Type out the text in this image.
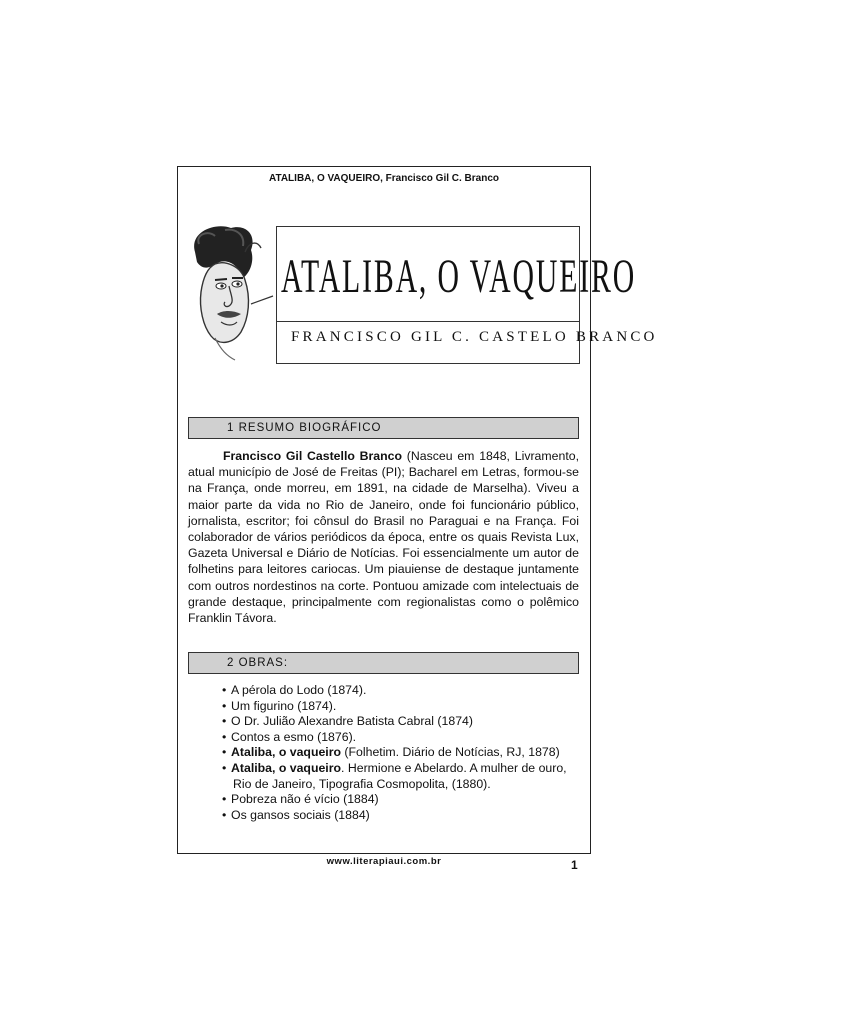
ATALIBA, O VAQUEIRO, Francisco Gil C. Branco
ATALIBA, O VAQUEIRO
FRANCISCO GIL C. CASTELO BRANCO
1 RESUMO BIOGRÁFICO
Francisco Gil Castello Branco (Nasceu em 1848, Livramento, atual município de José de Freitas (PI); Bacharel em Letras, formou-se na França, onde morreu, em 1891, na cidade de Marselha). Viveu a maior parte da vida no Rio de Janeiro, onde foi funcionário público, jornalista, escritor; foi cônsul do Brasil no Paraguai e na França. Foi colaborador de vários periódicos da época, entre os quais Revista Lux, Gazeta Universal e Diário de Notícias. Foi essencialmente um autor de folhetins para leitores cariocas. Um piauiense de destaque juntamente com outros nordestinos na corte. Pontuou amizade com intelectuais de grande destaque, principalmente com regionalistas como o polêmico Franklin Távora.
2 OBRAS:
• A pérola do Lodo (1874).
• Um figurino (1874).
• O Dr. Julião Alexandre Batista Cabral (1874)
• Contos a esmo (1876).
• Ataliba, o vaqueiro (Folhetim. Diário de Notícias, RJ, 1878)
• Ataliba, o vaqueiro. Hermione e Abelardo. A mulher de ouro,
Rio de Janeiro, Tipografia Cosmopolita, (1880).
• Pobreza não é vício (1884)
• Os gansos sociais (1884)
www.literapiaui.com.br	1
